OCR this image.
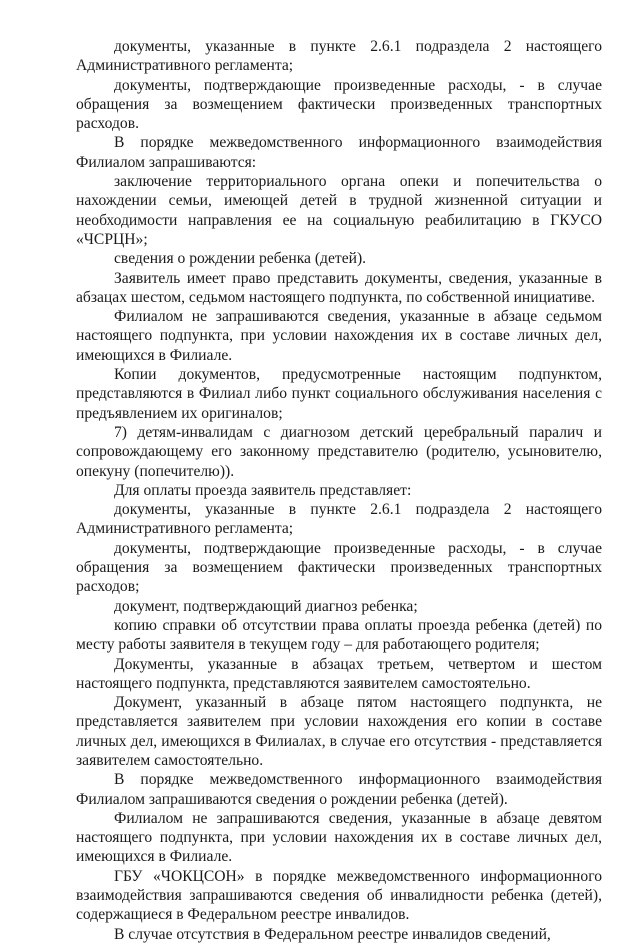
документы, указанные в пункте 2.6.1 подраздела 2 настоящего Административного регламента;

документы, подтверждающие произведенные расходы, - в случае обращения за возмещением фактически произведенных транспортных расходов.

В порядке межведомственного информационного взаимодействия Филиалом запрашиваются:

заключение территориального органа опеки и попечительства о нахождении семьи, имеющей детей в трудной жизненной ситуации и необходимости направления ее на социальную реабилитацию в ГКУСО «ЧСРЦН»;

сведения о рождении ребенка (детей).

Заявитель имеет право представить документы, сведения, указанные в абзацах шестом, седьмом настоящего подпункта, по собственной инициативе.

Филиалом не запрашиваются сведения, указанные в абзаце седьмом настоящего подпункта, при условии нахождения их в составе личных дел, имеющихся в Филиале.

Копии документов, предусмотренные настоящим подпунктом, представляются в Филиал либо пункт социального обслуживания населения с предъявлением их оригиналов;

7) детям-инвалидам с диагнозом детский церебральный паралич и сопровождающему его законному представителю (родителю, усыновителю, опекуну (попечителю)).

Для оплаты проезда заявитель представляет:

документы, указанные в пункте 2.6.1 подраздела 2 настоящего Административного регламента;

документы, подтверждающие произведенные расходы, - в случае обращения за возмещением фактически произведенных транспортных расходов;

документ, подтверждающий диагноз ребенка;

копию справки об отсутствии права оплаты проезда ребенка (детей) по месту работы заявителя в текущем году – для работающего родителя;

Документы, указанные в абзацах третьем, четвертом и шестом настоящего подпункта, представляются заявителем самостоятельно.

Документ, указанный в абзаце пятом настоящего подпункта, не представляется заявителем при условии нахождения его копии в составе личных дел, имеющихся в Филиалах, в случае его отсутствия - представляется заявителем самостоятельно.

В порядке межведомственного информационного взаимодействия Филиалом запрашиваются сведения о рождении ребенка (детей).

Филиалом не запрашиваются сведения, указанные в абзаце девятом настоящего подпункта, при условии нахождения их в составе личных дел, имеющихся в Филиале.

ГБУ «ЧОКЦСОН» в порядке межведомственного информационного взаимодействия запрашиваются сведения об инвалидности ребенка (детей), содержащиеся в Федеральном реестре инвалидов.

В случае отсутствия в Федеральном реестре инвалидов сведений,
